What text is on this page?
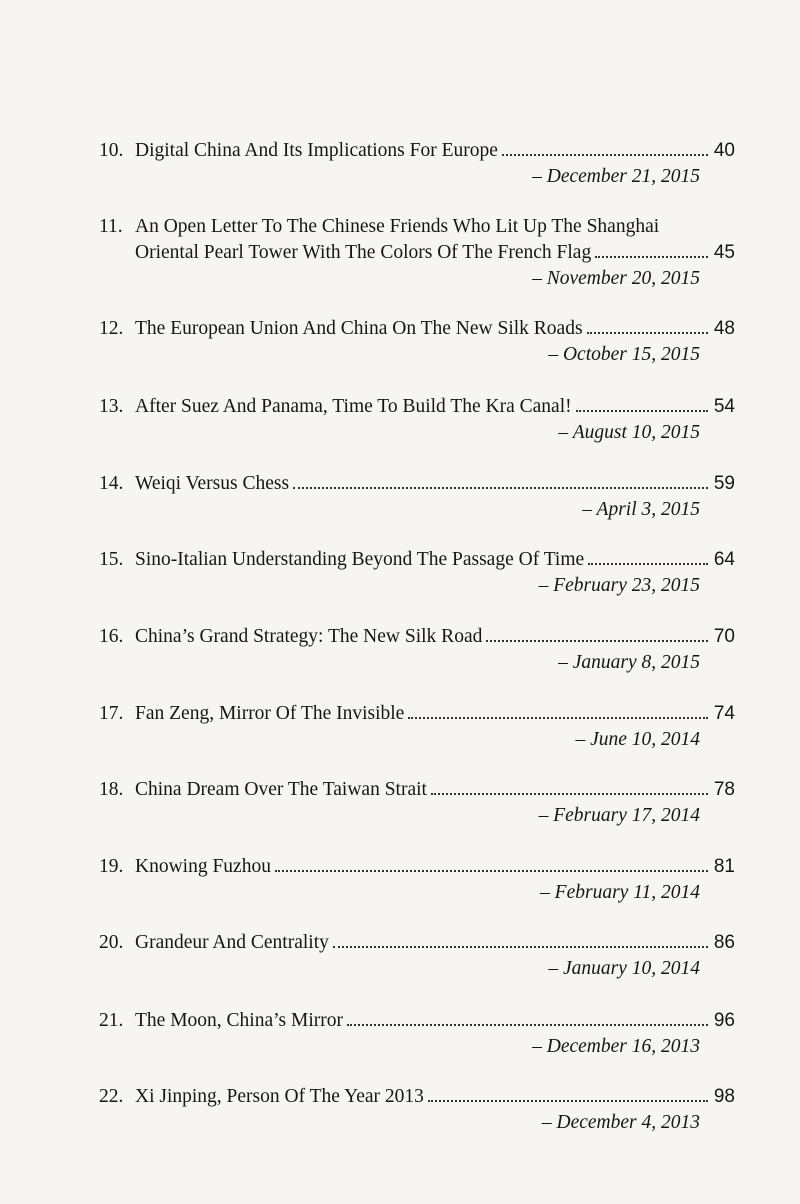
10. Digital China And Its Implications For Europe	40
– December 21, 2015
11. An Open Letter To The Chinese Friends Who Lit Up The Shanghai
Oriental Pearl Tower With The Colors Of The French Flag	45
– November 20, 2015
12. The European Union And China On The New Silk Roads	48
– October 15, 2015
13. After Suez And Panama, Time To Build The Kra Canal!	54
– August 10, 2015
14. Weiqi Versus Chess	59
– April 3, 2015
15. Sino-Italian Understanding Beyond The Passage Of Time	64
– February 23, 2015
16. China’s Grand Strategy: The New Silk Road	70
– January 8, 2015
17. Fan Zeng, Mirror Of The Invisible	74
– June 10, 2014
18. China Dream Over The Taiwan Strait	78
– February 17, 2014
19. Knowing Fuzhou	81
– February 11, 2014
20. Grandeur And Centrality	86
– January 10, 2014
21. The Moon, China’s Mirror	96
– December 16, 2013
22. Xi Jinping, Person Of The Year 2013	98
– December 4, 2013
